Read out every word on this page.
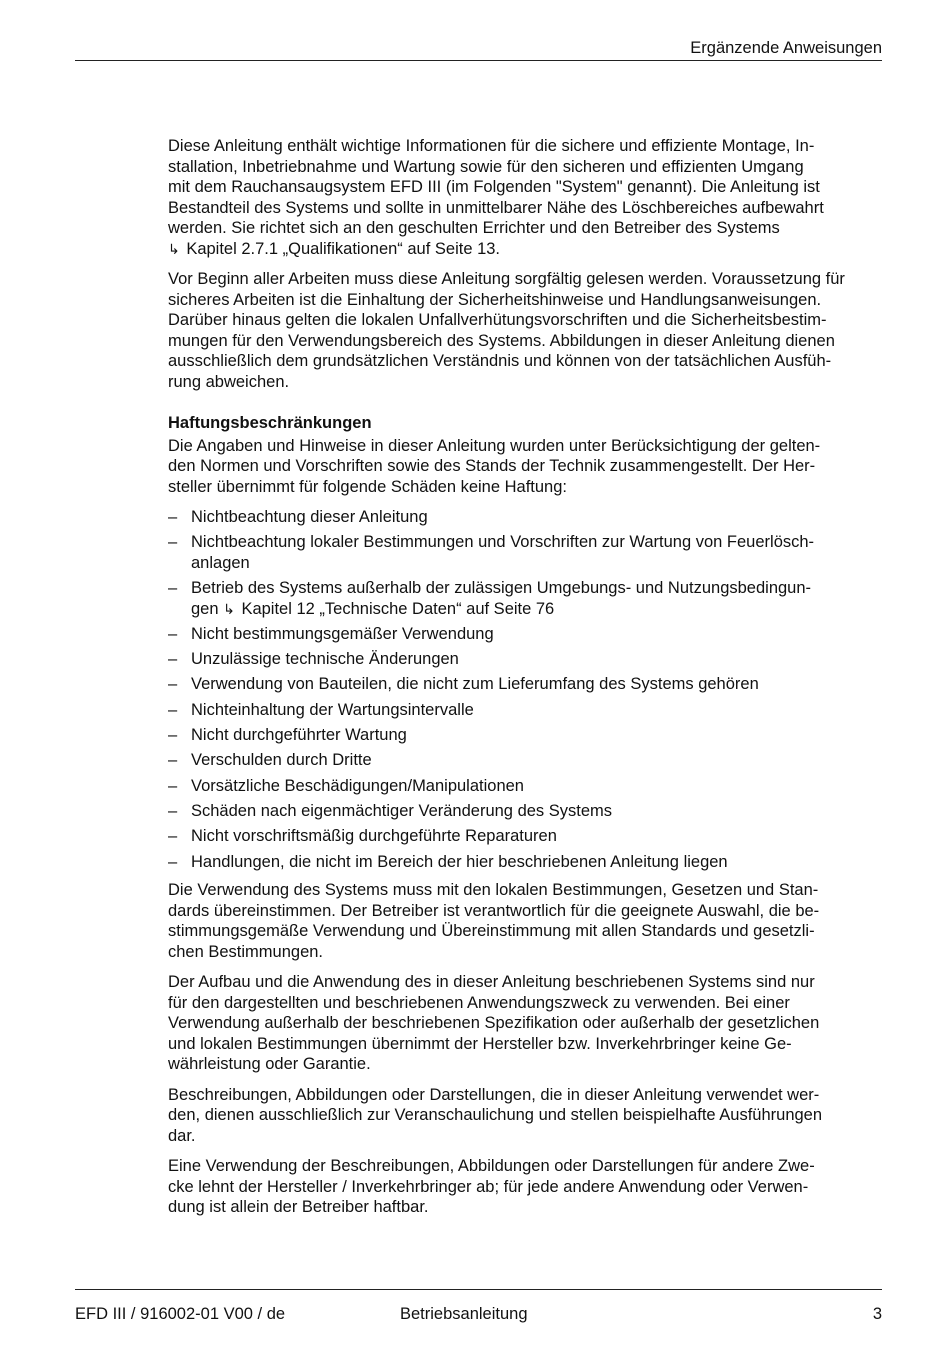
Ergänzende Anweisungen

Diese Anleitung enthält wichtige Informationen für die sichere und effiziente Montage, In-
stallation, Inbetriebnahme und Wartung sowie für den sicheren und effizienten Umgang
mit dem Rauchansaugsystem EFD III (im Folgenden "System" genannt). Die Anleitung ist
Bestandteil des Systems und sollte in unmittelbarer Nähe des Löschbereiches aufbewahrt
werden. Sie richtet sich an den geschulten Errichter und den Betreiber des Systems
↳ Kapitel 2.7.1 „Qualifikationen“ auf Seite 13.

Vor Beginn aller Arbeiten muss diese Anleitung sorgfältig gelesen werden. Voraussetzung für
sicheres Arbeiten ist die Einhaltung der Sicherheitshinweise und Handlungsanweisungen.
Darüber hinaus gelten die lokalen Unfallverhütungsvorschriften und die Sicherheitsbestim-
mungen für den Verwendungsbereich des Systems. Abbildungen in dieser Anleitung dienen
ausschließlich dem grundsätzlichen Verständnis und können von der tatsächlichen Ausfüh-
rung abweichen.

Haftungsbeschränkungen

Die Angaben und Hinweise in dieser Anleitung wurden unter Berücksichtigung der gelten-
den Normen und Vorschriften sowie des Stands der Technik zusammengestellt. Der Her-
steller übernimmt für folgende Schäden keine Haftung:

– Nichtbeachtung dieser Anleitung
– Nichtbeachtung lokaler Bestimmungen und Vorschriften zur Wartung von Feuerlösch-
anlagen
– Betrieb des Systems außerhalb der zulässigen Umgebungs- und Nutzungsbedingun-
gen ↳ Kapitel 12 „Technische Daten“ auf Seite 76
– Nicht bestimmungsgemäßer Verwendung
– Unzulässige technische Änderungen
– Verwendung von Bauteilen, die nicht zum Lieferumfang des Systems gehören
– Nichteinhaltung der Wartungsintervalle
– Nicht durchgeführter Wartung
– Verschulden durch Dritte
– Vorsätzliche Beschädigungen/Manipulationen
– Schäden nach eigenmächtiger Veränderung des Systems
– Nicht vorschriftsmäßig durchgeführte Reparaturen
– Handlungen, die nicht im Bereich der hier beschriebenen Anleitung liegen

Die Verwendung des Systems muss mit den lokalen Bestimmungen, Gesetzen und Stan-
dards übereinstimmen. Der Betreiber ist verantwortlich für die geeignete Auswahl, die be-
stimmungsgemäße Verwendung und Übereinstimmung mit allen Standards und gesetzli-
chen Bestimmungen.

Der Aufbau und die Anwendung des in dieser Anleitung beschriebenen Systems sind nur
für den dargestellten und beschriebenen Anwendungszweck zu verwenden. Bei einer
Verwendung außerhalb der beschriebenen Spezifikation oder außerhalb der gesetzlichen
und lokalen Bestimmungen übernimmt der Hersteller bzw. Inverkehrbringer keine Ge-
währleistung oder Garantie.

Beschreibungen, Abbildungen oder Darstellungen, die in dieser Anleitung verwendet wer-
den, dienen ausschließlich zur Veranschaulichung und stellen beispielhafte Ausführungen
dar.

Eine Verwendung der Beschreibungen, Abbildungen oder Darstellungen für andere Zwe-
cke lehnt der Hersteller / Inverkehrbringer ab; für jede andere Anwendung oder Verwen-
dung ist allein der Betreiber haftbar.

EFD III / 916002-01 V00 / de	Betriebsanleitung	3
